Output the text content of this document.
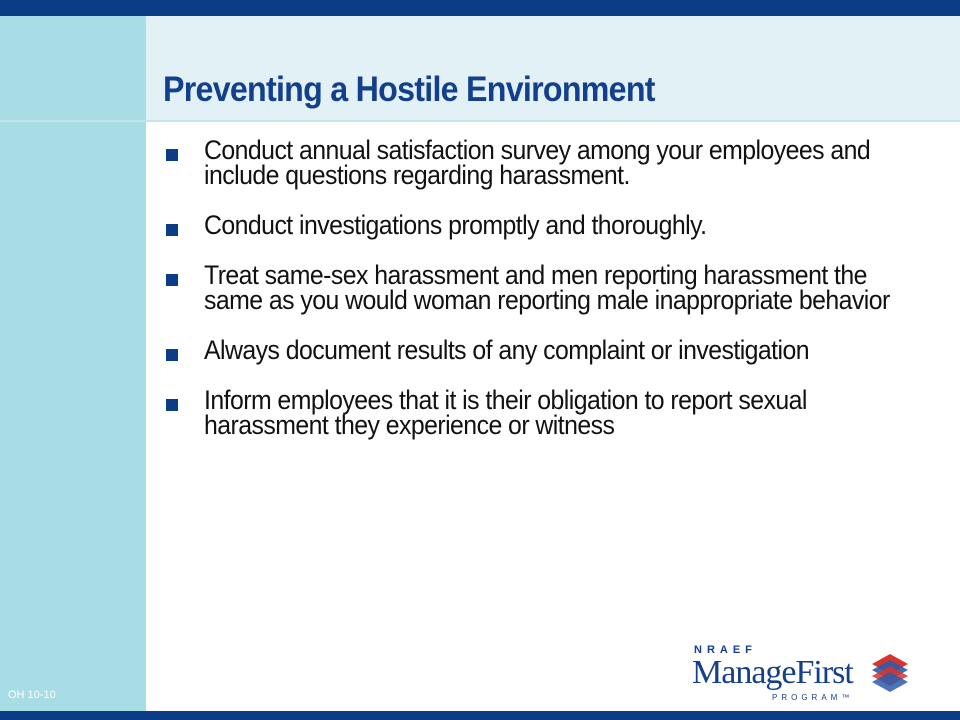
Preventing a Hostile Environment
Conduct annual satisfaction survey among your employees and include questions regarding harassment.
Conduct investigations promptly and thoroughly.
Treat same-sex harassment and men reporting harassment the same as you would woman reporting male inappropriate behavior
Always document results of any complaint or investigation
Inform employees that it is their obligation to report sexual harassment they experience or witness
OH 10-10
NRAEF
ManageFirst
PROGRAM™
